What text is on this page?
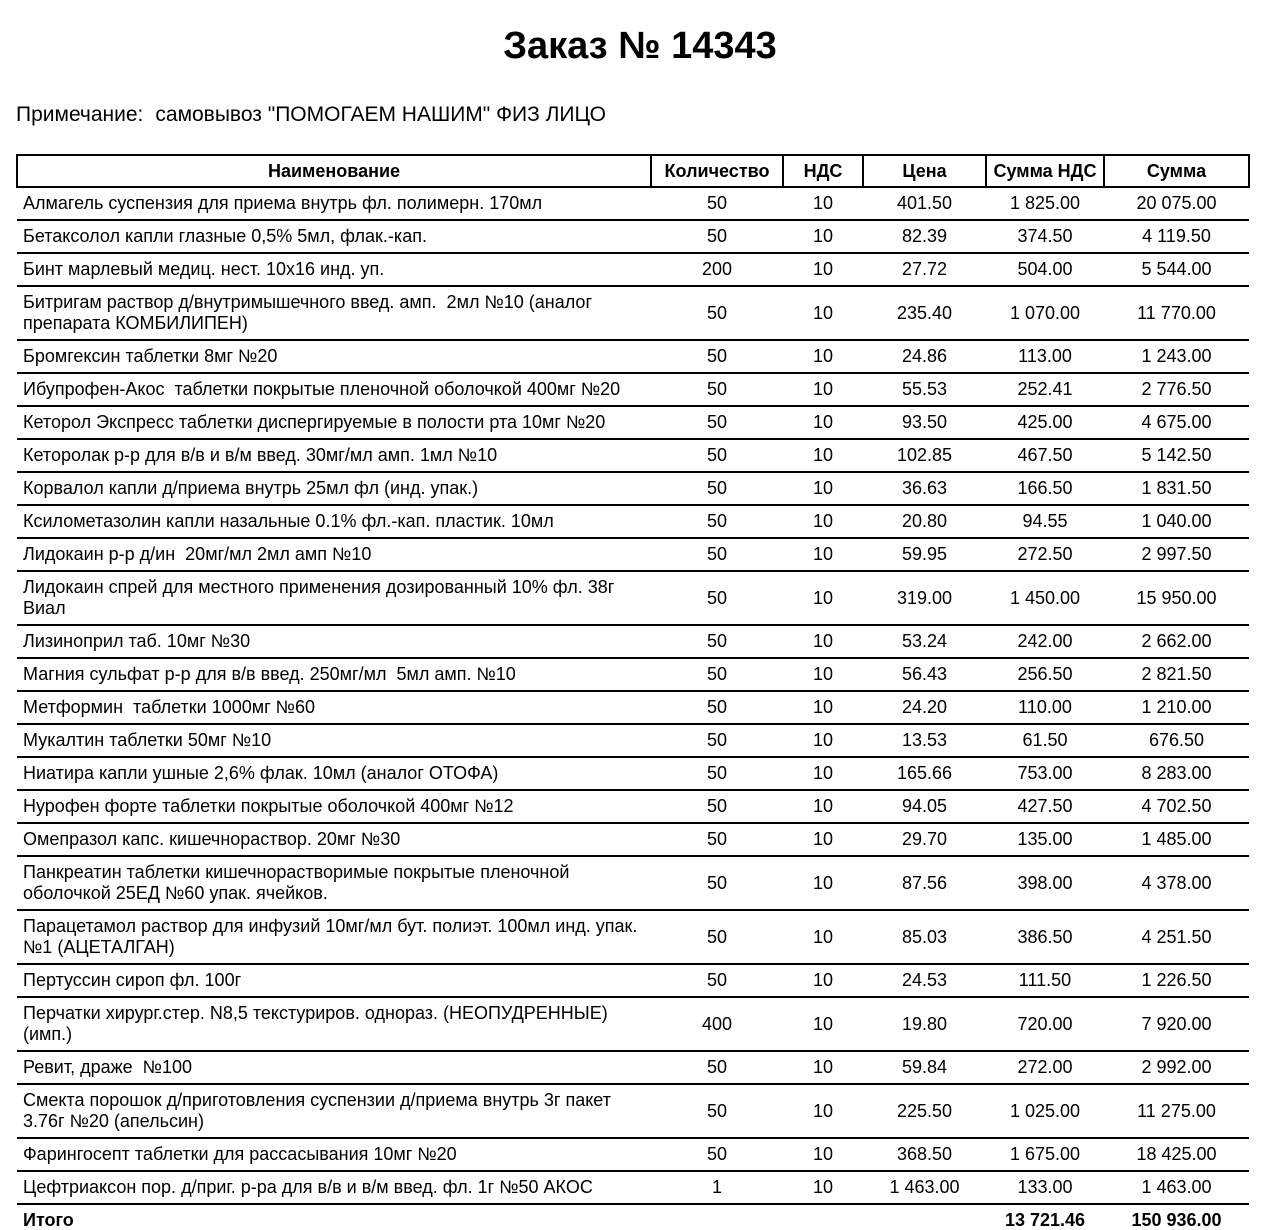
Заказ № 14343
Примечание: самовывоз "ПОМОГАЕМ НАШИМ" ФИЗ ЛИЦО
Наименование	Количество	НДС	Цена	Сумма НДС	Сумма
Алмагель суспензия для приема внутрь фл. полимерн. 170мл	50	10	401.50	1 825.00	20 075.00
Бетаксолол капли глазные 0,5% 5мл, флак.-кап.	50	10	82.39	374.50	4 119.50
Бинт марлевый медиц. нест. 10х16 инд. уп.	200	10	27.72	504.00	5 544.00
Битригам раствор д/внутримышечного введ. амп.  2мл №10 (аналог препарата КОМБИЛИПЕН)	50	10	235.40	1 070.00	11 770.00
Бромгексин таблетки 8мг №20	50	10	24.86	113.00	1 243.00
Ибупрофен-Акос  таблетки покрытые пленочной оболочкой 400мг №20	50	10	55.53	252.41	2 776.50
Кеторол Экспресс таблетки диспергируемые в полости рта 10мг №20	50	10	93.50	425.00	4 675.00
Кеторолак р-р для в/в и в/м введ. 30мг/мл амп. 1мл №10	50	10	102.85	467.50	5 142.50
Корвалол капли д/приема внутрь 25мл фл (инд. упак.)	50	10	36.63	166.50	1 831.50
Ксилометазолин капли назальные 0.1% фл.-кап. пластик. 10мл	50	10	20.80	94.55	1 040.00
Лидокаин р-р д/ин  20мг/мл 2мл амп №10	50	10	59.95	272.50	2 997.50
Лидокаин спрей для местного применения дозированный 10% фл. 38г Виал	50	10	319.00	1 450.00	15 950.00
Лизиноприл таб. 10мг №30	50	10	53.24	242.00	2 662.00
Магния сульфат р-р для в/в введ. 250мг/мл  5мл амп. №10	50	10	56.43	256.50	2 821.50
Метформин  таблетки 1000мг №60	50	10	24.20	110.00	1 210.00
Мукалтин таблетки 50мг №10	50	10	13.53	61.50	676.50
Ниатира капли ушные 2,6% флак. 10мл (аналог ОТОФА)	50	10	165.66	753.00	8 283.00
Нурофен форте таблетки покрытые оболочкой 400мг №12	50	10	94.05	427.50	4 702.50
Омепразол капс. кишечнораствор. 20мг №30	50	10	29.70	135.00	1 485.00
Панкреатин таблетки кишечнорастворимые покрытые пленочной оболочкой 25ЕД №60 упак. ячейков.	50	10	87.56	398.00	4 378.00
Парацетамол раствор для инфузий 10мг/мл бут. полиэт. 100мл инд. упак. №1 (АЦЕТАЛГАН)	50	10	85.03	386.50	4 251.50
Пертуссин сироп фл. 100г	50	10	24.53	111.50	1 226.50
Перчатки хирург.стер. N8,5 текстуриров. однораз. (НЕОПУДРЕННЫЕ) (имп.)	400	10	19.80	720.00	7 920.00
Ревит, драже  №100	50	10	59.84	272.00	2 992.00
Смекта порошок д/приготовления суспензии д/приема внутрь 3г пакет 3.76г №20 (апельсин)	50	10	225.50	1 025.00	11 275.00
Фарингосепт таблетки для рассасывания 10мг №20	50	10	368.50	1 675.00	18 425.00
Цефтриаксон пор. д/приг. р-ра для в/в и в/м введ. фл. 1г №50 АКОС	1	10	1 463.00	133.00	1 463.00
Итого				13 721.46	150 936.00
